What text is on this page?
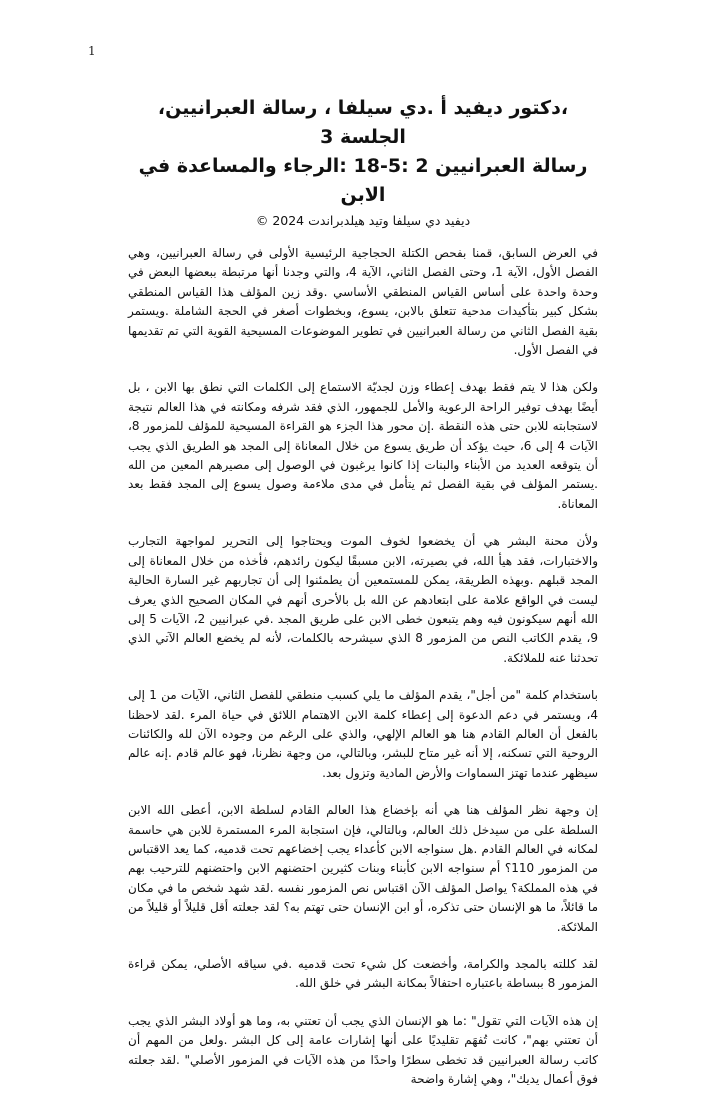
1
،دكتور ديفيد أ .دي سيلفا ، رسالة العبرانيين، الجلسة 3
رسالة العبرانيين 2 :5-18 :الرجاء والمساعدة في الابن
ديفيد دي سيلفا وتيد هيلدبراندت 2024 ©

في العرض السابق، قمنا بفحص الكتلة الحجاجية الرئيسية الأولى في رسالة العبرانيين، وهي الفصل الأول، الآية 1، وحتى الفصل الثاني، الآية 4، والتي وجدنا أنها مرتبطة ببعضها البعض في وحدة واحدة على أساس القياس المنطقي الأساسي .وقد زين المؤلف هذا القياس المنطقي بشكل كبير بتأكيدات مدحية تتعلق بالابن، يسوع، وبخطوات أصغر في الحجة الشاملة .ويستمر بقية الفصل الثاني من رسالة العبرانيين في تطوير الموضوعات المسيحية القوية التي تم تقديمها في الفصل الأول.

ولكن هذا لا يتم فقط بهدف إعطاء وزن لجديّة الاستماع إلى الكلمات التي نطق بها الابن ، بل أيضًا بهدف توفير الراحة الرعوية والأمل للجمهور، الذي فقد شرفه ومكانته في هذا العالم نتيجة لاستجابته للابن حتى هذه النقطة .إن محور هذا الجزء هو القراءة المسيحية للمؤلف للمزمور 8، الآيات 4 إلى 6، حيث يؤكد أن طريق يسوع من خلال المعاناة إلى المجد هو الطريق الذي يجب أن يتوقعه العديد من الأبناء والبنات إذا كانوا يرغبون في الوصول إلى مصيرهم المعين من الله .يستمر المؤلف في بقية الفصل ثم يتأمل في مدى ملاءمة وصول يسوع إلى المجد فقط بعد المعاناة.

ولأن محنة البشر هي أن يخضعوا لخوف الموت ويحتاجوا إلى التحرير لمواجهة التجارب والاختبارات، فقد هيأ الله، في بصيرته، الابن مسبقًا ليكون رائدهم، فأخذه من خلال المعاناة إلى المجد قبلهم .وبهذه الطريقة، يمكن للمستمعين أن يطمئنوا إلى أن تجاربهم غير السارة الحالية ليست في الواقع علامة على ابتعادهم عن الله بل بالأحرى أنهم في المكان الصحيح الذي يعرف الله أنهم سيكونون فيه وهم يتبعون خطى الابن على طريق المجد .في عبرانيين 2، الآيات 5 إلى 9، يقدم الكاتب النص من المزمور 8 الذي سيشرحه بالكلمات، لأنه لم يخضع العالم الآتي الذي تحدثنا عنه للملائكة.

باستخدام كلمة "من أجل"، يقدم المؤلف ما يلي كسبب منطقي للفصل الثاني، الآيات من 1 إلى 4، ويستمر في دعم الدعوة إلى إعطاء كلمة الابن الاهتمام اللائق في حياة المرء .لقد لاحظنا بالفعل أن العالم القادم هنا هو العالم الإلهي، والذي على الرغم من وجوده الآن لله والكائنات الروحية التي تسكنه، إلا أنه غير متاح للبشر، وبالتالي، من وجهة نظرنا، فهو عالم قادم .إنه عالم سيظهر عندما تهتز السماوات والأرض المادية وتزول بعد.

إن وجهة نظر المؤلف هنا هي أنه بإخضاع هذا العالم القادم لسلطة الابن، أعطى الله الابن السلطة على من سيدخل ذلك العالم، وبالتالي، فإن استجابة المرء المستمرة للابن هي حاسمة لمكانه في العالم القادم .هل سنواجه الابن كأعداء يجب إخضاعهم تحت قدميه، كما يعد الاقتباس من المزمور 110؟ أم سنواجه الابن كأبناء وبنات كثيرين احتضنهم الابن واحتضنهم للترحيب بهم في هذه المملكة؟ يواصل المؤلف الآن اقتباس نص المزمور نفسه .لقد شهد شخص ما في مكان ما قائلاً، ما هو الإنسان حتى تذكره، أو ابن الإنسان حتى تهتم به؟ لقد جعلته أقل قليلاً أو قليلاً من الملائكة.

لقد كللته بالمجد والكرامة، وأخضعت كل شيء تحت قدميه .في سياقه الأصلي، يمكن قراءة المزمور 8 ببساطة باعتباره احتفالاً بمكانة البشر في خلق الله.

إن هذه الآيات التي تقول" :ما هو الإنسان الذي يجب أن تعتني به، وما هو أولاد البشر الذي يجب أن تعتني بهم"، كانت تُفهَم تقليديًا على أنها إشارات عامة إلى كل البشر .ولعل من المهم أن كاتب رسالة العبرانيين قد تخطى سطرًا واحدًا من هذه الآيات في المزمور الأصلي" .لقد جعلته فوق أعمال يديك"، وهي إشارة واضحة
